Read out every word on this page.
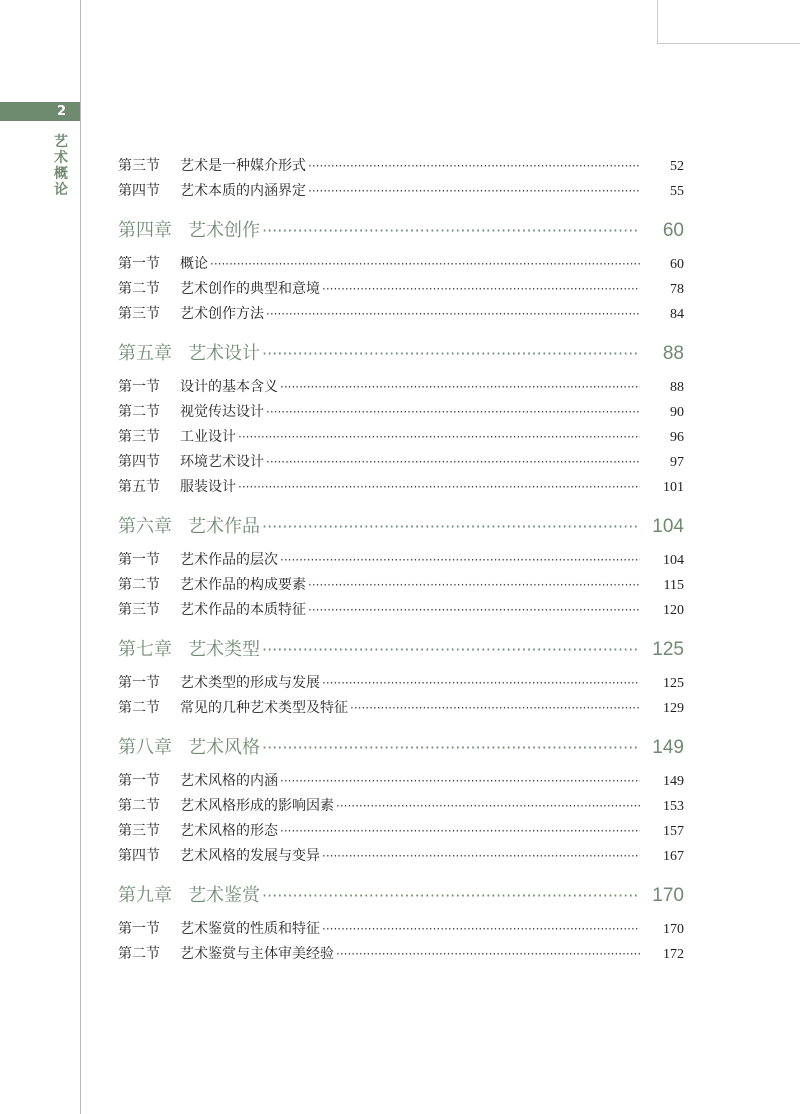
2
艺术概论
第三节	艺术是一种媒介形式 ·····	52
第四节	艺术本质的内涵界定 ·····	55
第四章 艺术创作 ·····	60
第一节	概论 ·····	60
第二节	艺术创作的典型和意境 ·····	78
第三节	艺术创作方法 ·····	84
第五章 艺术设计 ·····	88
第一节	设计的基本含义 ·····	88
第二节	视觉传达设计 ·····	90
第三节	工业设计 ·····	96
第四节	环境艺术设计 ·····	97
第五节	服装设计 ·····	101
第六章 艺术作品 ·····	104
第一节	艺术作品的层次 ·····	104
第二节	艺术作品的构成要素 ·····	115
第三节	艺术作品的本质特征 ·····	120
第七章 艺术类型 ·····	125
第一节	艺术类型的形成与发展 ·····	125
第二节	常见的几种艺术类型及特征 ·····	129
第八章 艺术风格 ·····	149
第一节	艺术风格的内涵 ·····	149
第二节	艺术风格形成的影响因素 ·····	153
第三节	艺术风格的形态 ·····	157
第四节	艺术风格的发展与变异 ·····	167
第九章 艺术鉴赏 ·····	170
第一节	艺术鉴赏的性质和特征 ·····	170
第二节	艺术鉴赏与主体审美经验 ·····	172
